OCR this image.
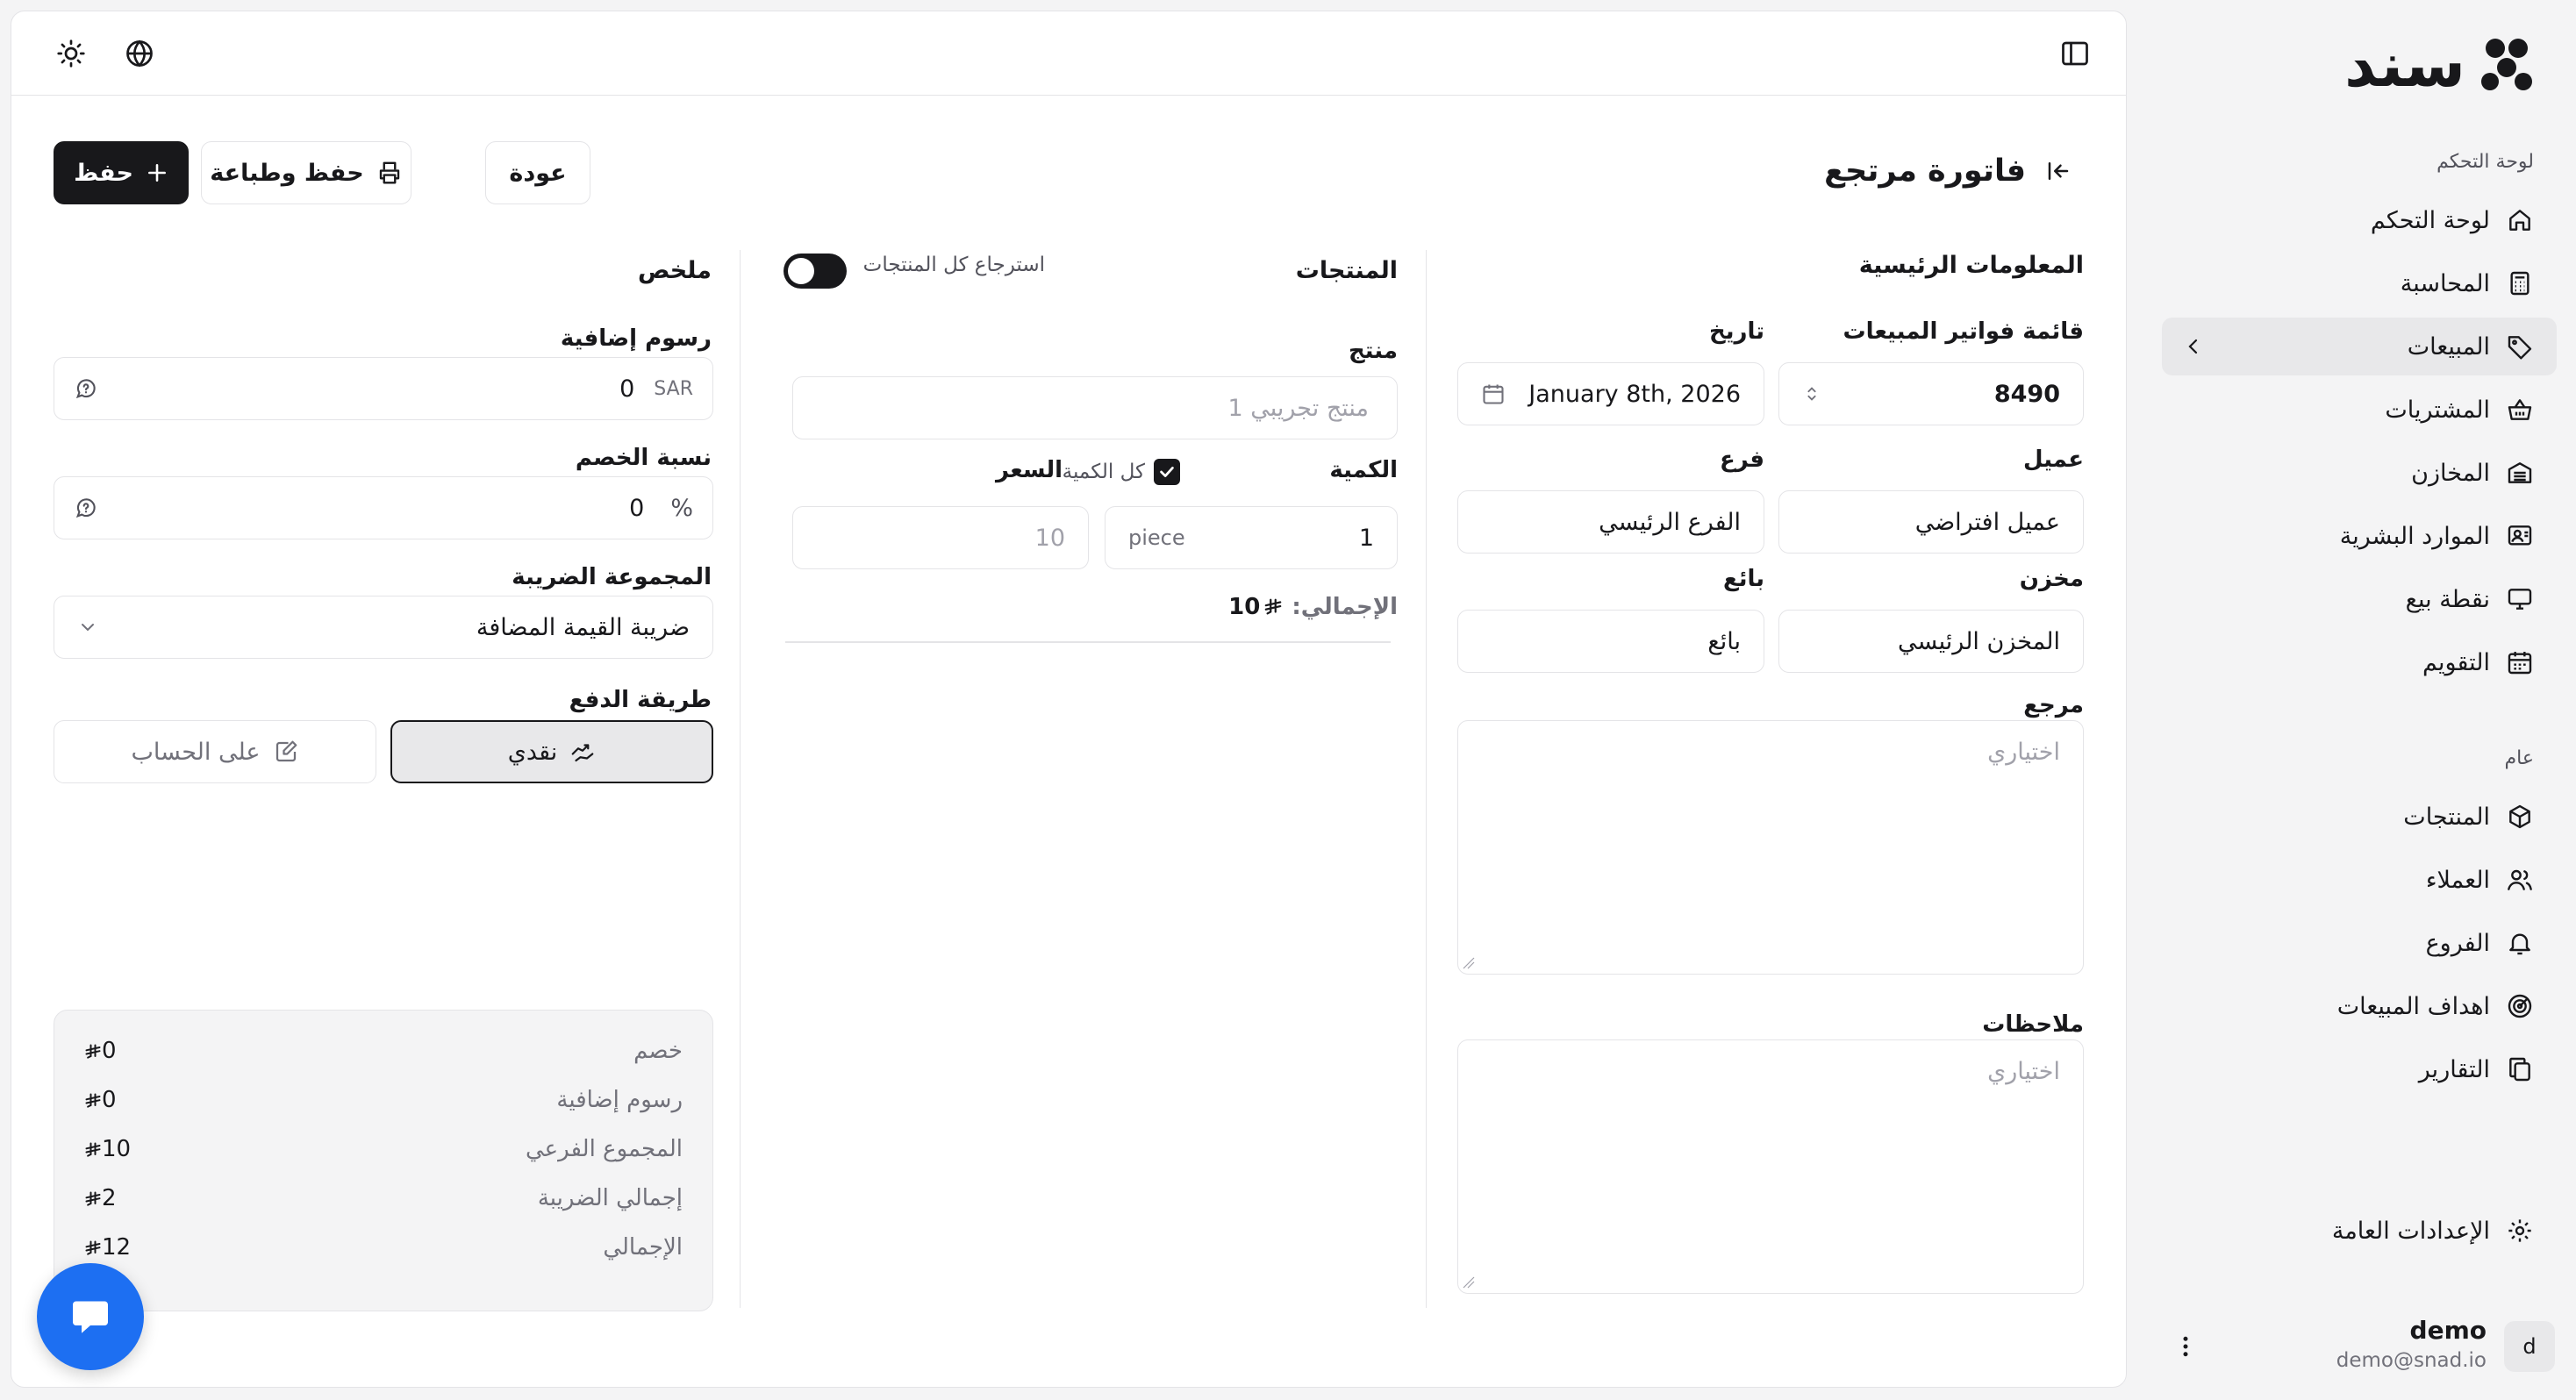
سند
لوحة التحكم
لوحة التحكم
المحاسبة
المبيعات
المشتريات
المخازن
الموارد البشرية
نقطة بيع
التقويم
عام
المنتجات
العملاء
الفروع
اهداف المبيعات
التقارير
الإعدادات العامة
d
demo
demo@snad.io
فاتورة مرتجع
عودة
حفظ وطباعة
حفظ
المعلومات الرئيسية
قائمة فواتير المبيعات
8490
تاريخ
January 8th, 2026
عميل
عميل افتراضي
فرع
الفرع الرئيسي
مخزن
المخزن الرئيسي
بائع
بائع
مرجع
اختياري
ملاحظات
اختياري
المنتجات
استرجاع كل المنتجات
منتج
منتج تجريبي 1
الكمية
كل الكمية
السعر
1
piece
10
الإجمالي:
10
ملخص
رسوم إضافية
SAR
0
نسبة الخصم
%
0
المجموعة الضريبة
ضريبة القيمة المضافة
طريقة الدفع
نقدي
على الحساب
خصم
0
رسوم إضافية
0
المجموع الفرعي
10
إجمالي الضريبة
2
الإجمالي
12
